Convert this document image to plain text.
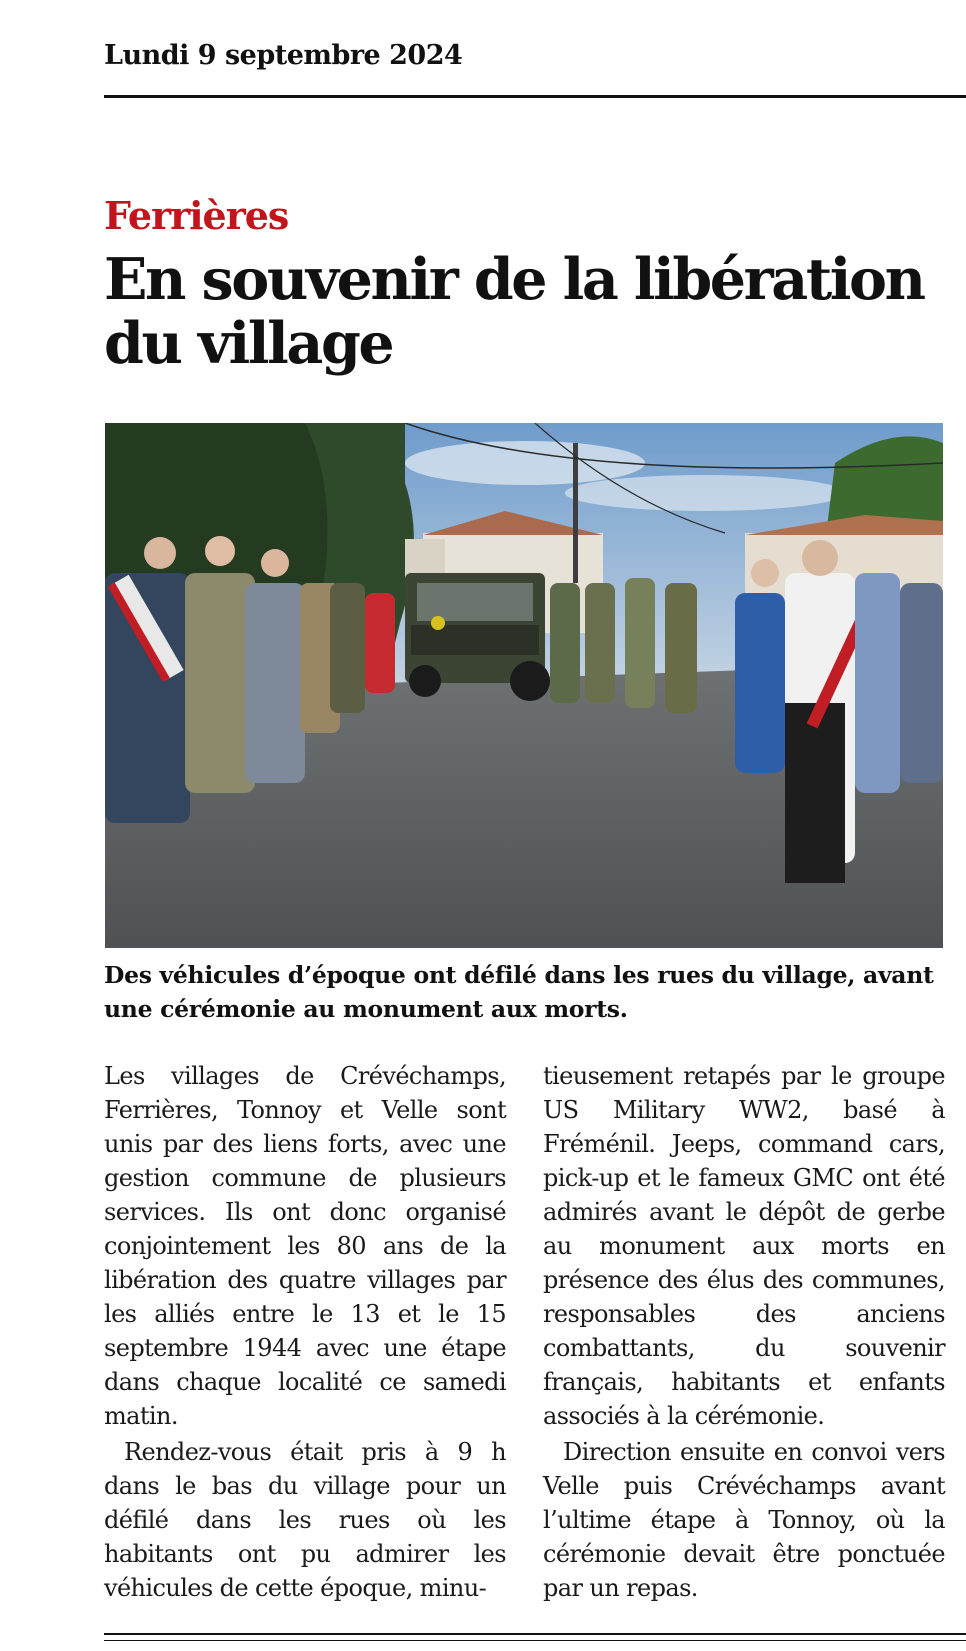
Lundi 9 septembre 2024
Ferrières
En souvenir de la libération du village

Des véhicules d’époque ont défilé dans les rues du village, avant une cérémonie au monument aux morts.

Les villages de Crévéchamps, Ferrières, Tonnoy et Velle sont unis par des liens forts, avec une gestion commune de plusieurs services. Ils ont donc organisé conjointement les 80 ans de la libération des quatre villages par les alliés entre le 13 et le 15 septembre 1944 avec une étape dans chaque localité ce samedi matin.

Rendez-vous était pris à 9 h dans le bas du village pour un défilé dans les rues où les habitants ont pu admirer les véhicules de cette époque, minu-

tieusement retapés par le groupe US Military WW2, basé à Fréménil. Jeeps, command cars, pick-up et le fameux GMC ont été admirés avant le dépôt de gerbe au monument aux morts en présence des élus des communes, responsables des anciens combattants, du souvenir français, habitants et enfants associés à la cérémonie.

Direction ensuite en convoi vers Velle puis Crévéchamps avant l’ultime étape à Tonnoy, où la cérémonie devait être ponctuée par un repas.
